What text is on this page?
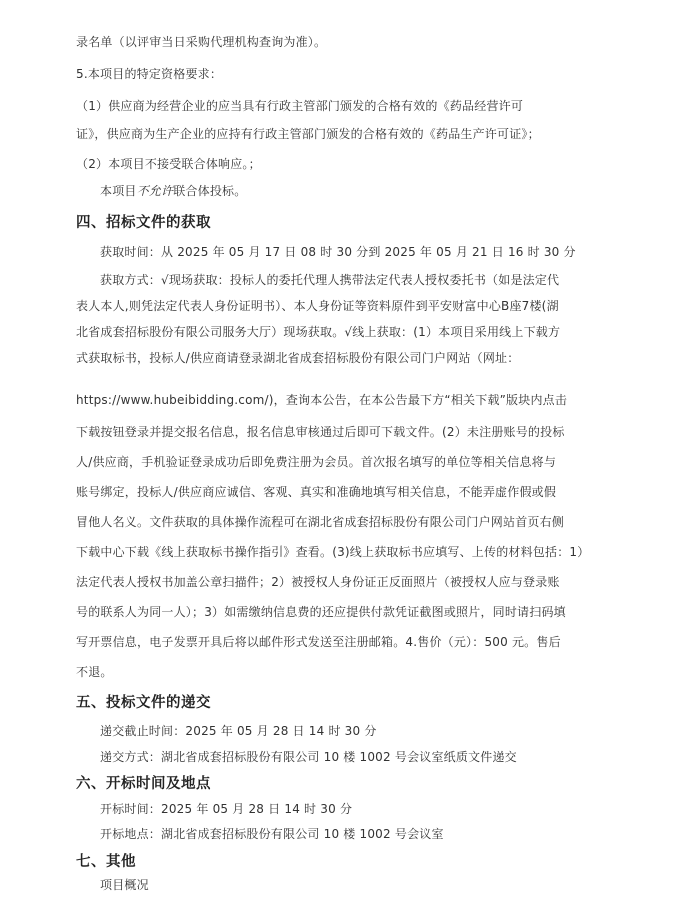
录名单（以评审当日采购代理机构查询为准）。
5.本项目的特定资格要求：
（1）供应商为经营企业的应当具有行政主管部门颁发的合格有效的《药品经营许可
证》，供应商为生产企业的应持有行政主管部门颁发的合格有效的《药品生产许可证》；
（2）本项目不接受联合体响应。；
本项目不允许联合体投标。
四、招标文件的获取
获取时间：从 2025 年 05 月 17 日 08 时 30 分到 2025 年 05 月 21 日 16 时 30 分
获取方式：√现场获取：投标人的委托代理人携带法定代表人授权委托书（如是法定代
表人本人,则凭法定代表人身份证明书）、本人身份证等资料原件到平安财富中心B座7楼(湖
北省成套招标股份有限公司服务大厅）现场获取。√线上获取：(1）本项目采用线上下载方
式获取标书，投标人/供应商请登录湖北省成套招标股份有限公司门户网站（网址：
https://www.hubeibidding.com/)，查询本公告，在本公告最下方“相关下载”版块内点击
下载按钮登录并提交报名信息，报名信息审核通过后即可下载文件。(2）未注册账号的投标
人/供应商，手机验证登录成功后即免费注册为会员。首次报名填写的单位等相关信息将与
账号绑定，投标人/供应商应诚信、客观、真实和准确地填写相关信息，不能弄虚作假或假
冒他人名义。文件获取的具体操作流程可在湖北省成套招标股份有限公司门户网站首页右侧
下载中心下载《线上获取标书操作指引》查看。(3)线上获取标书应填写、上传的材料包括：1）
法定代表人授权书加盖公章扫描件；2）被授权人身份证正反面照片（被授权人应与登录账
号的联系人为同一人）；3）如需缴纳信息费的还应提供付款凭证截图或照片，同时请扫码填
写开票信息，电子发票开具后将以邮件形式发送至注册邮箱。4.售价（元）：500 元。售后
不退。
五、投标文件的递交
递交截止时间：2025 年 05 月 28 日 14 时 30 分
递交方式：湖北省成套招标股份有限公司 10 楼 1002 号会议室纸质文件递交
六、开标时间及地点
开标时间：2025 年 05 月 28 日 14 时 30 分
开标地点：湖北省成套招标股份有限公司 10 楼 1002 号会议室
七、其他
项目概况
